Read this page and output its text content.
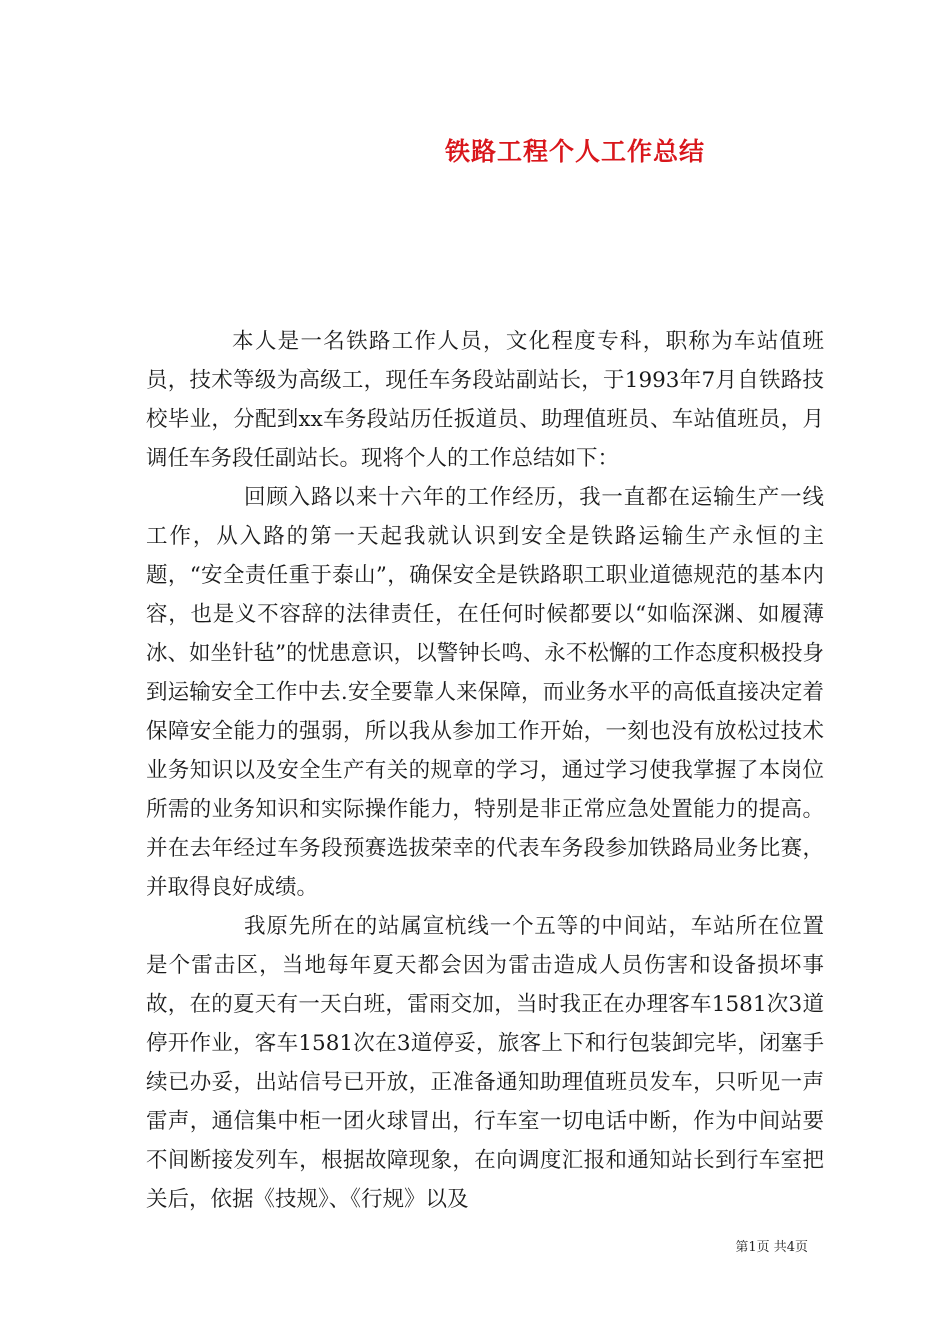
铁路工程个人工作总结

本人是一名铁路工作人员，文化程度专科，职称为车站值班员，技术等级为高级工，现任车务段站副站长，于1993年7月自铁路技校毕业，分配到xx车务段站历任扳道员、助理值班员、车站值班员，月调任车务段任副站长。现将个人的工作总结如下：

回顾入路以来十六年的工作经历，我一直都在运输生产一线工作，从入路的第一天起我就认识到安全是铁路运输生产永恒的主题，“安全责任重于泰山”，确保安全是铁路职工职业道德规范的基本内容，也是义不容辞的法律责任，在任何时候都要以“如临深渊、如履薄冰、如坐针毡”的忧患意识，以警钟长鸣、永不松懈的工作态度积极投身到运输安全工作中去.安全要靠人来保障，而业务水平的高低直接决定着保障安全能力的强弱，所以我从参加工作开始，一刻也没有放松过技术业务知识以及安全生产有关的规章的学习，通过学习使我掌握了本岗位所需的业务知识和实际操作能力，特别是非正常应急处置能力的提高。并在去年经过车务段预赛选拔荣幸的代表车务段参加铁路局业务比赛，并取得良好成绩。

我原先所在的站属宣杭线一个五等的中间站，车站所在位置是个雷击区，当地每年夏天都会因为雷击造成人员伤害和设备损坏事故，在的夏天有一天白班，雷雨交加，当时我正在办理客车1581次3道停开作业，客车1581次在3道停妥，旅客上下和行包装卸完毕，闭塞手续已办妥，出站信号已开放，正准备通知助理值班员发车，只听见一声雷声，通信集中柜一团火球冒出，行车室一切电话中断，作为中间站要不间断接发列车，根据故障现象，在向调度汇报和通知站长到行车室把关后，依据《技规》、《行规》以及

第1页 共4页
